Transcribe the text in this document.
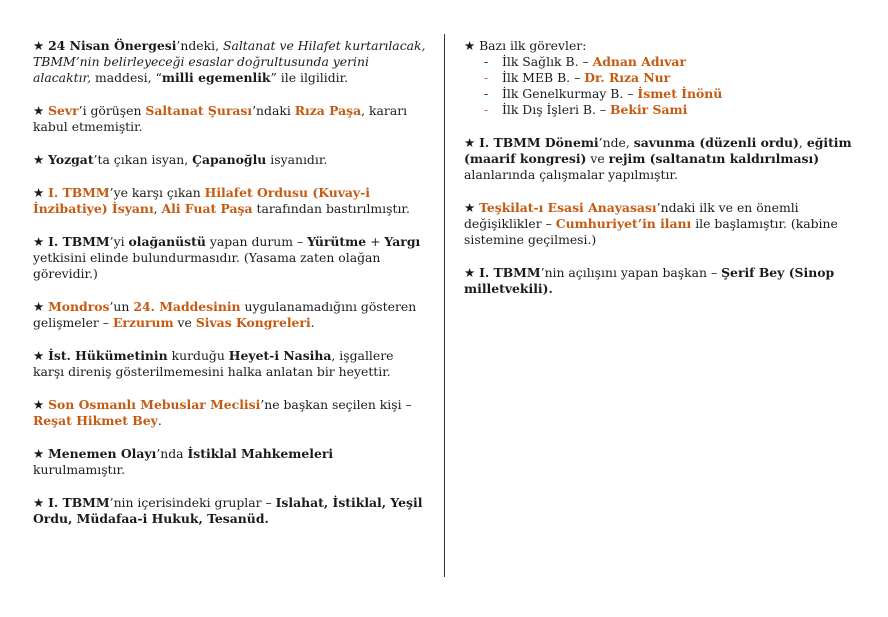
★ 24 Nisan Önergesi’ndeki, Saltanat ve Hilafet kurtarılacak, TBMM’nin belirleyeceği esaslar doğrultusunda yerini alacaktır, maddesi, “milli egemenlik” ile ilgilidir.

★ Sevr’i görüşen Saltanat Şurası’ndaki Rıza Paşa, kararı kabul etmemiştir.

★ Yozgat’ta çıkan isyan, Çapanoğlu isyanıdır.

★ I. TBMM’ye karşı çıkan Hilafet Ordusu (Kuvay-i İnzibatiye) İsyanı, Ali Fuat Paşa tarafından bastırılmıştır.

★ I. TBMM’yi olağanüstü yapan durum – Yürütme + Yargı yetkisini elinde bulundurmasıdır. (Yasama zaten olağan görevidir.)

★ Mondros’un 24. Maddesinin uygulanamadığını gösteren gelişmeler – Erzurum ve Sivas Kongreleri.

★ İst. Hükümetinin kurduğu Heyet-i Nasiha, işgallere karşı direniş gösterilmemesini halka anlatan bir heyettir.

★ Son Osmanlı Mebuslar Meclisi’ne başkan seçilen kişi – Reşat Hikmet Bey.

★ Menemen Olayı’nda İstiklal Mahkemeleri kurulmamıştır.

★ I. TBMM’nin içerisindeki gruplar – Islahat, İstiklal, Yeşil Ordu, Müdafaa-i Hukuk, Tesanüd.

★ Bazı ilk görevler:
- İlk Sağlık B. – Adnan Adıvar
- İlk MEB B. – Dr. Rıza Nur
- İlk Genelkurmay B. – İsmet İnönü
- İlk Dış İşleri B. – Bekir Sami

★ I. TBMM Dönemi’nde, savunma (düzenli ordu), eğitim (maarif kongresi) ve rejim (saltanatın kaldırılması) alanlarında çalışmalar yapılmıştır.

★ Teşkilat-ı Esasi Anayasası’ndaki ilk ve en önemli değişiklikler – Cumhuriyet’in ilanı ile başlamıştır. (kabine sistemine geçilmesi.)

★ I. TBMM’nin açılışını yapan başkan – Şerif Bey (Sinop milletvekili).
